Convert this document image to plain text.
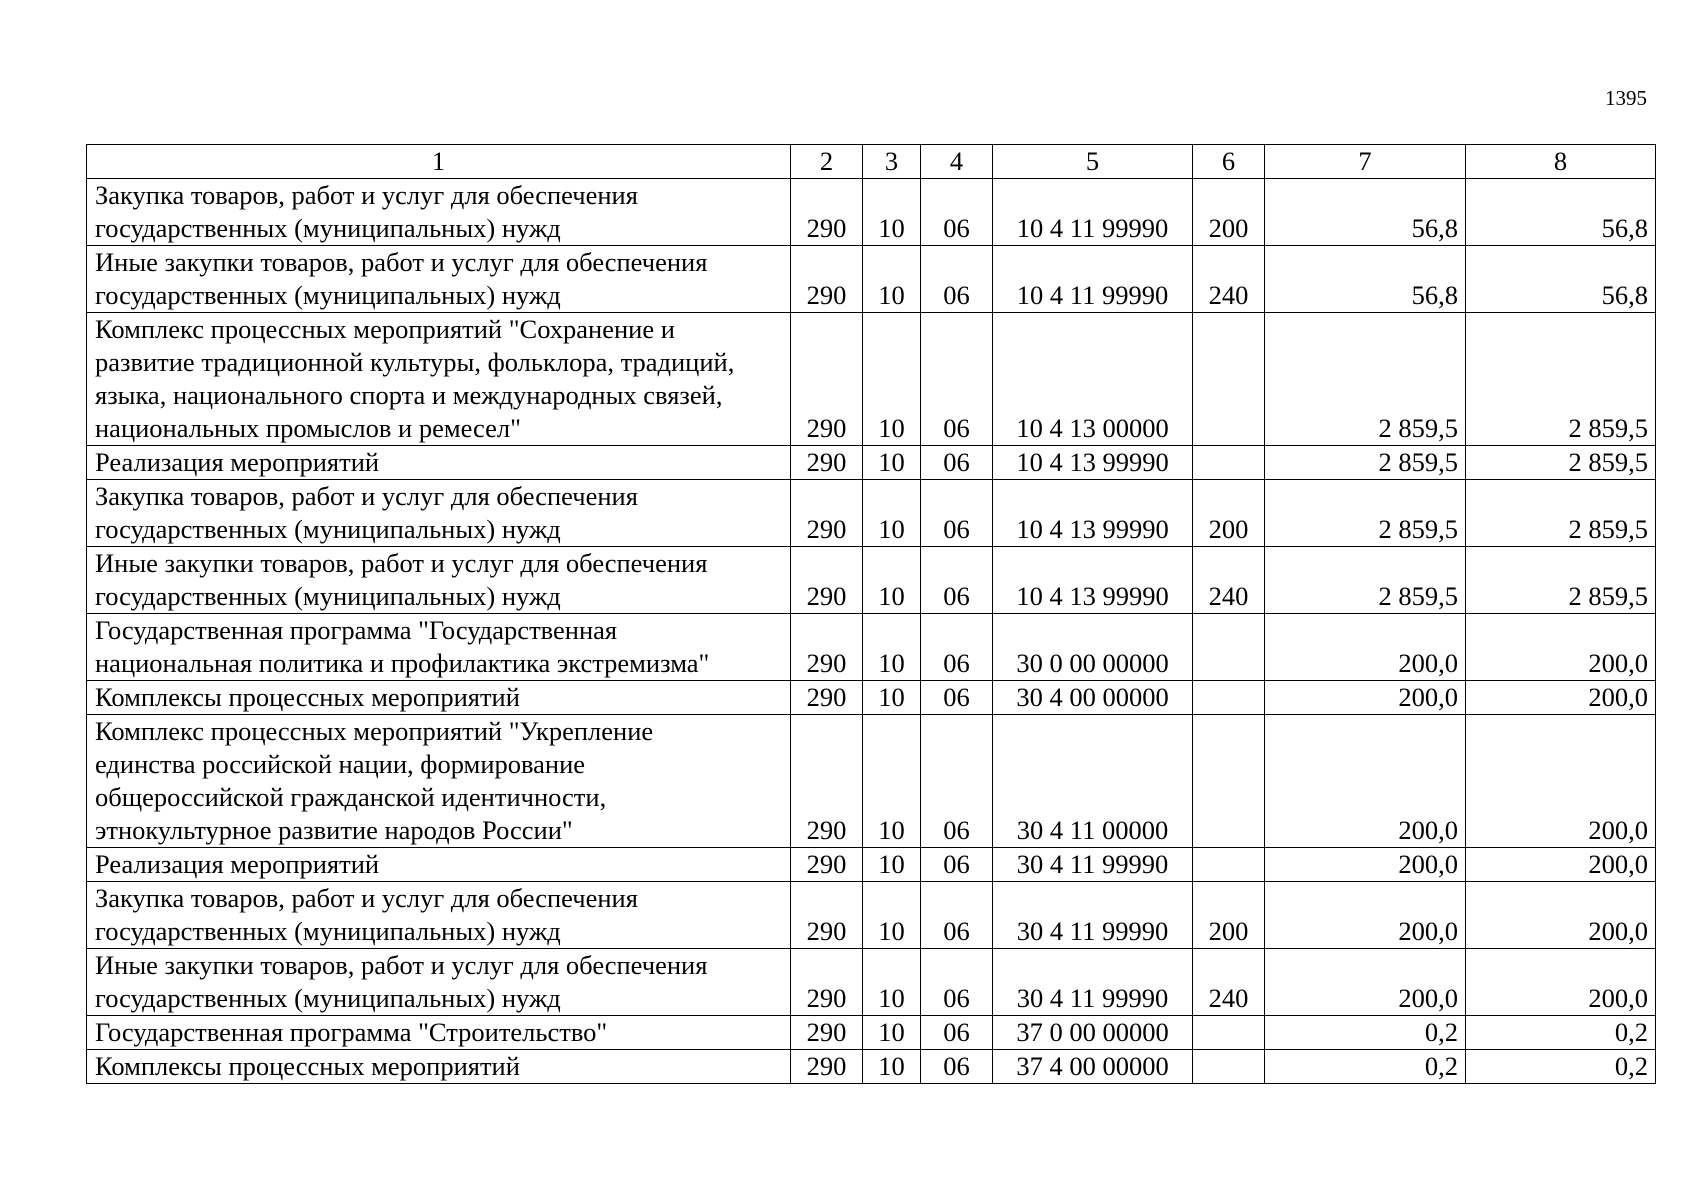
1395
1	2	3	4	5	6	7	8
Закупка товаров, работ и услуг для обеспечения
государственных (муниципальных) нужд	290	10	06	10 4 11 99990	200	56,8	56,8
Иные закупки товаров, работ и услуг для обеспечения
государственных (муниципальных) нужд	290	10	06	10 4 11 99990	240	56,8	56,8
Комплекс процессных мероприятий "Сохранение и
развитие традиционной культуры, фольклора, традиций,
языка, национального спорта и международных связей,
национальных промыслов и ремесел"	290	10	06	10 4 13 00000		2 859,5	2 859,5
Реализация мероприятий	290	10	06	10 4 13 99990		2 859,5	2 859,5
Закупка товаров, работ и услуг для обеспечения
государственных (муниципальных) нужд	290	10	06	10 4 13 99990	200	2 859,5	2 859,5
Иные закупки товаров, работ и услуг для обеспечения
государственных (муниципальных) нужд	290	10	06	10 4 13 99990	240	2 859,5	2 859,5
Государственная программа "Государственная
национальная политика и профилактика экстремизма"	290	10	06	30 0 00 00000		200,0	200,0
Комплексы процессных мероприятий	290	10	06	30 4 00 00000		200,0	200,0
Комплекс процессных мероприятий "Укрепление
единства российской нации, формирование
общероссийской гражданской идентичности,
этнокультурное развитие народов России"	290	10	06	30 4 11 00000		200,0	200,0
Реализация мероприятий	290	10	06	30 4 11 99990		200,0	200,0
Закупка товаров, работ и услуг для обеспечения
государственных (муниципальных) нужд	290	10	06	30 4 11 99990	200	200,0	200,0
Иные закупки товаров, работ и услуг для обеспечения
государственных (муниципальных) нужд	290	10	06	30 4 11 99990	240	200,0	200,0
Государственная программа "Строительство"	290	10	06	37 0 00 00000		0,2	0,2
Комплексы процессных мероприятий	290	10	06	37 4 00 00000		0,2	0,2
